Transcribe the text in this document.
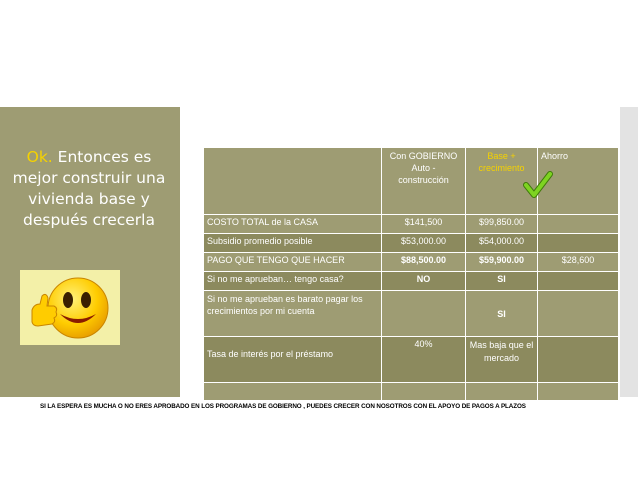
Ok. Entonces es mejor construir una vivienda base y después crecerla
	Con GOBIERNO Auto - construcción	Base + crecimiento	Ahorro
COSTO TOTAL de la CASA	$141,500	$99,850.00	
Subsidio promedio posible	$53,000.00	$54,000.00	
PAGO QUE TENGO QUE HACER	$88,500.00	$59,900.00	$28,600
Si no me aprueban… tengo casa?	NO	SI	
Si no me aprueban es barato pagar los crecimientos por mi cuenta		SI	
Tasa de interés por el préstamo	40%	Mas baja que el mercado	

SI LA ESPERA ES MUCHA O NO ERES APROBADO EN LOS PROGRAMAS DE GOBIERNO , PUEDES CRECER CON NOSOTROS CON EL APOYO DE PAGOS A PLAZOS
